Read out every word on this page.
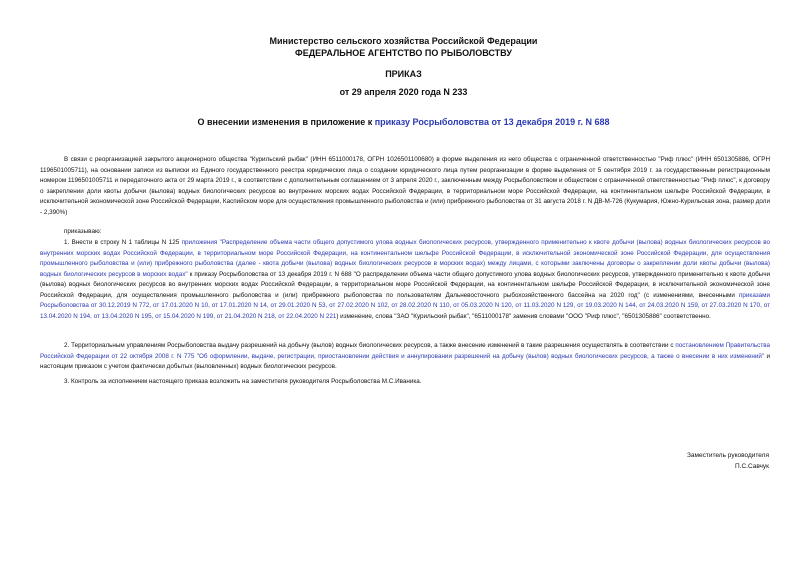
Министерство сельского хозяйства Российской Федерации
ФЕДЕРАЛЬНОЕ АГЕНТСТВО ПО РЫБОЛОВСТВУ
ПРИКАЗ
от 29 апреля 2020 года N 233
О внесении изменения в приложение к приказу Росрыболовства от 13 декабря 2019 г. N 688

В связи с реорганизацией закрытого акционерного общества "Курильский рыбак" (ИНН 6511000178, ОГРН 1026501100680) в форме выделения из него общества с ограниченной ответственностью "Риф плюс" (ИНН 6501305886, ОГРН 1196501005711), на основании записи из выписки из Единого государственного реестра юридических лица о создании юридического лица путем реорганизации в форме выделения от 5 сентября 2019 г. за государственным регистрационным номером 1196501005711 и передаточного акта от 29 марта 2019 г., в соответствии с дополнительным соглашением от 3 апреля 2020 г., заключенным между Росрыболовством и обществом с ограниченной ответственностью "Риф плюс", к договору о закреплении доли квоты добычи (вылова) водных биологических ресурсов во внутренних морских водах Российской Федерации, в территориальном море Российской Федерации, на континентальном шельфе Российской Федерации, в исключительной экономической зоне Российской Федерации, Каспийском море для осуществления промышленного рыболовства и (или) прибрежного рыболовства от 31 августа 2018 г. N ДВ-М-726 (Кукумария, Южно-Курильская зона, размер доли - 2,390%)

приказываю:

1. Внести в строку N 1 таблицы N 125 приложения "Распределение объема части общего допустимого улова водных биологических ресурсов, утвержденного применительно к квоте добычи (вылова) водных биологических ресурсов во внутренних морских водах Российской Федерации, в территориальном море Российской Федерации, на континентальном шельфе Российской Федерации, в исключительной экономической зоне Российской Федерации, для осуществления промышленного рыболовства и (или) прибрежного рыболовства (далее - квота добычи (вылова) водных биологических ресурсов в морских водах) между лицами, с которыми заключены договоры о закреплении доли квоты добычи (вылова) водных биологических ресурсов в морских водах" к приказу Росрыболовства от 13 декабря 2019 г. N 688 "О распределении объема части общего допустимого улова водных биологических ресурсов, утвержденного применительно к квоте добычи (вылова) водных биологических ресурсов во внутренних морских водах Российской Федерации, в территориальном море Российской Федерации, на континентальном шельфе Российской Федерации, в исключительной экономической зоне Российской Федерации, для осуществления промышленного рыболовства и (или) прибрежного рыболовства по пользователям Дальневосточного рыбохозяйственного бассейна на 2020 год" (с изменениями, внесенными приказами Росрыболовства от 30.12.2019 N 772, от 17.01.2020 N 10, от 17.01.2020 N 14, от 29.01.2020 N 53, от 27.02.2020 N 102, от 28.02.2020 N 110, от 05.03.2020 N 120, от 11.03.2020 N 129, от 19.03.2020 N 144, от 24.03.2020 N 159, от 27.03.2020 N 170, от 13.04.2020 N 194, от 13.04.2020 N 195, от 15.04.2020 N 199, от 21.04.2020 N 218, от 22.04.2020 N 221) изменение, слова "ЗАО "Курильский рыбак", "6511000178" заменив словами "ООО "Риф плюс", "6501305886" соответственно.

2. Территориальным управлениям Росрыболовства выдачу разрешений на добычу (вылов) водных биологических ресурсов, а также внесение изменений в такие разрешения осуществлять в соответствии с постановлением Правительства Российской Федерации от 22 октября 2008 г. N 775 "Об оформлении, выдаче, регистрации, приостановлении действия и аннулировании разрешений на добычу (вылов) водных биологических ресурсов, а также о внесении в них изменений" и настоящим приказом с учетом фактически добытых (выловленных) водных биологических ресурсов.

3. Контроль за исполнением настоящего приказа возложить на заместителя руководителя Росрыболовства М.С.Иваника.

Заместитель руководителя
П.С.Савчук
